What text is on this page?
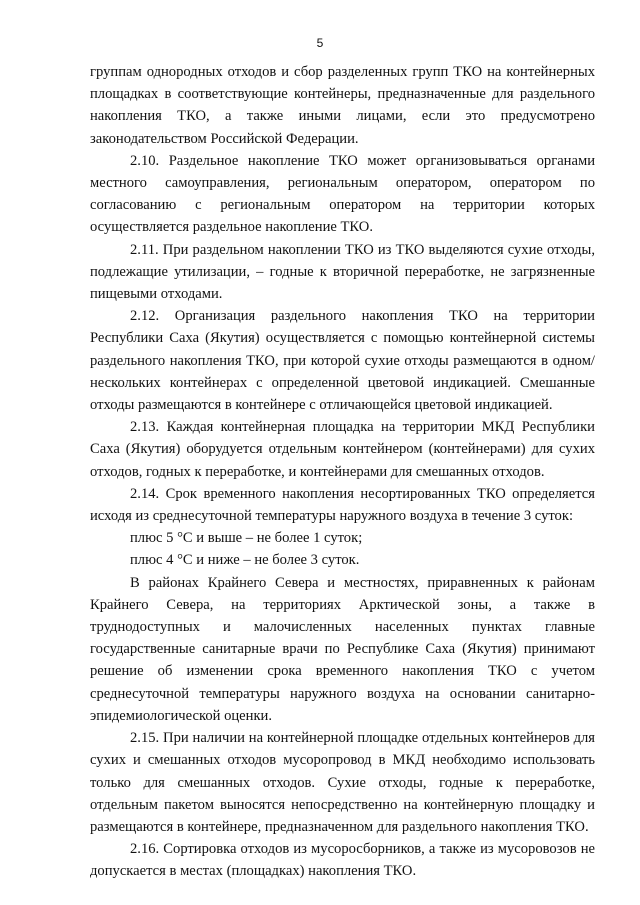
5

группам однородных отходов и сбор разделенных групп ТКО на контейнерных площадках в соответствующие контейнеры, предназначенные для раздельного накопления ТКО, а также иными лицами, если это предусмотрено законодательством Российской Федерации.

2.10. Раздельное накопление ТКО может организовываться органами местного самоуправления, региональным оператором, оператором по согласованию с региональным оператором на территории которых осуществляется раздельное накопление ТКО.

2.11. При раздельном накоплении ТКО из ТКО выделяются сухие отходы, подлежащие утилизации, – годные к вторичной переработке, не загрязненные пищевыми отходами.

2.12. Организация раздельного накопления ТКО на территории Республики Саха (Якутия) осуществляется с помощью контейнерной системы раздельного накопления ТКО, при которой сухие отходы размещаются в одном/нескольких контейнерах с определенной цветовой индикацией. Смешанные отходы размещаются в контейнере с отличающейся цветовой индикацией.

2.13. Каждая контейнерная площадка на территории МКД Республики Саха (Якутия) оборудуется отдельным контейнером (контейнерами) для сухих отходов, годных к переработке, и контейнерами для смешанных отходов.

2.14. Срок временного накопления несортированных ТКО определяется исходя из среднесуточной температуры наружного воздуха в течение 3 суток:

плюс 5 °С и выше – не более 1 суток;

плюс 4 °С и ниже – не более 3 суток.

В районах Крайнего Севера и местностях, приравненных к районам Крайнего Севера, на территориях Арктической зоны, а также в труднодоступных и малочисленных населенных пунктах главные государственные санитарные врачи по Республике Саха (Якутия) принимают решение об изменении срока временного накопления ТКО с учетом среднесуточной температуры наружного воздуха на основании санитарно-эпидемиологической оценки.

2.15. При наличии на контейнерной площадке отдельных контейнеров для сухих и смешанных отходов мусоропровод в МКД необходимо использовать только для смешанных отходов. Сухие отходы, годные к переработке, отдельным пакетом выносятся непосредственно на контейнерную площадку и размещаются в контейнере, предназначенном для раздельного накопления ТКО.

2.16. Сортировка отходов из мусоросборников, а также из мусоровозов не допускается в местах (площадках) накопления ТКО.
